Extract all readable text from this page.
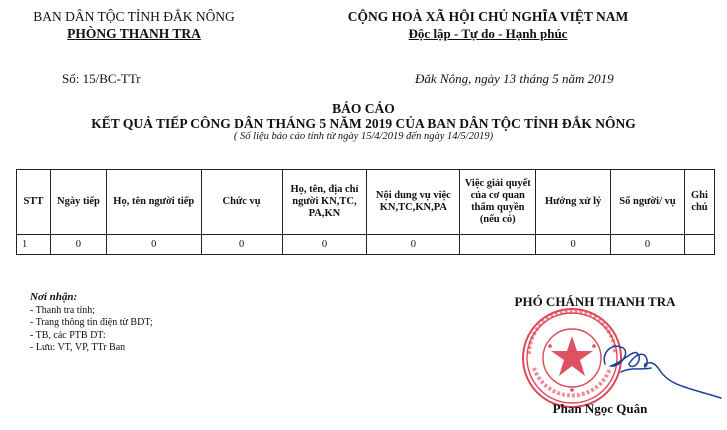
BAN DÂN TỘC TỈNH ĐẮK NÔNG
PHÒNG THANH TRA
CỘNG HOÀ XÃ HỘI CHỦ NGHĨA VIỆT NAM
Độc lập - Tự do - Hạnh phúc
Số: 15/BC-TTr	Đăk Nông, ngày 13 tháng 5 năm 2019
BÁO CÁO
KẾT QUẢ TIẾP CÔNG DÂN THÁNG 5 NĂM 2019 CỦA BAN DÂN TỘC TỈNH ĐẮK NÔNG
( Số liệu báo cáo tính từ ngày 15/4/2019 đến ngày 14/5/2019)
STT	Ngày tiếp	Họ, tên người tiếp	Chức vụ	Họ, tên, địa chỉ người KN,TC, PA,KN	Nội dung vụ việc KN,TC,KN,PA	Việc giải quyết của cơ quan thẩm quyền (nếu có)	Hướng xử lý	Số người/ vụ	Ghi chú
1	0	0	0	0	0		0	0	
Nơi nhận:
- Thanh tra tỉnh;
- Trang thông tin điện tử BDT;
- TB, các PTB DT:
- Lưu: VT, VP, TTr Ban
PHÓ CHÁNH THANH TRA
Phan Ngọc Quân
